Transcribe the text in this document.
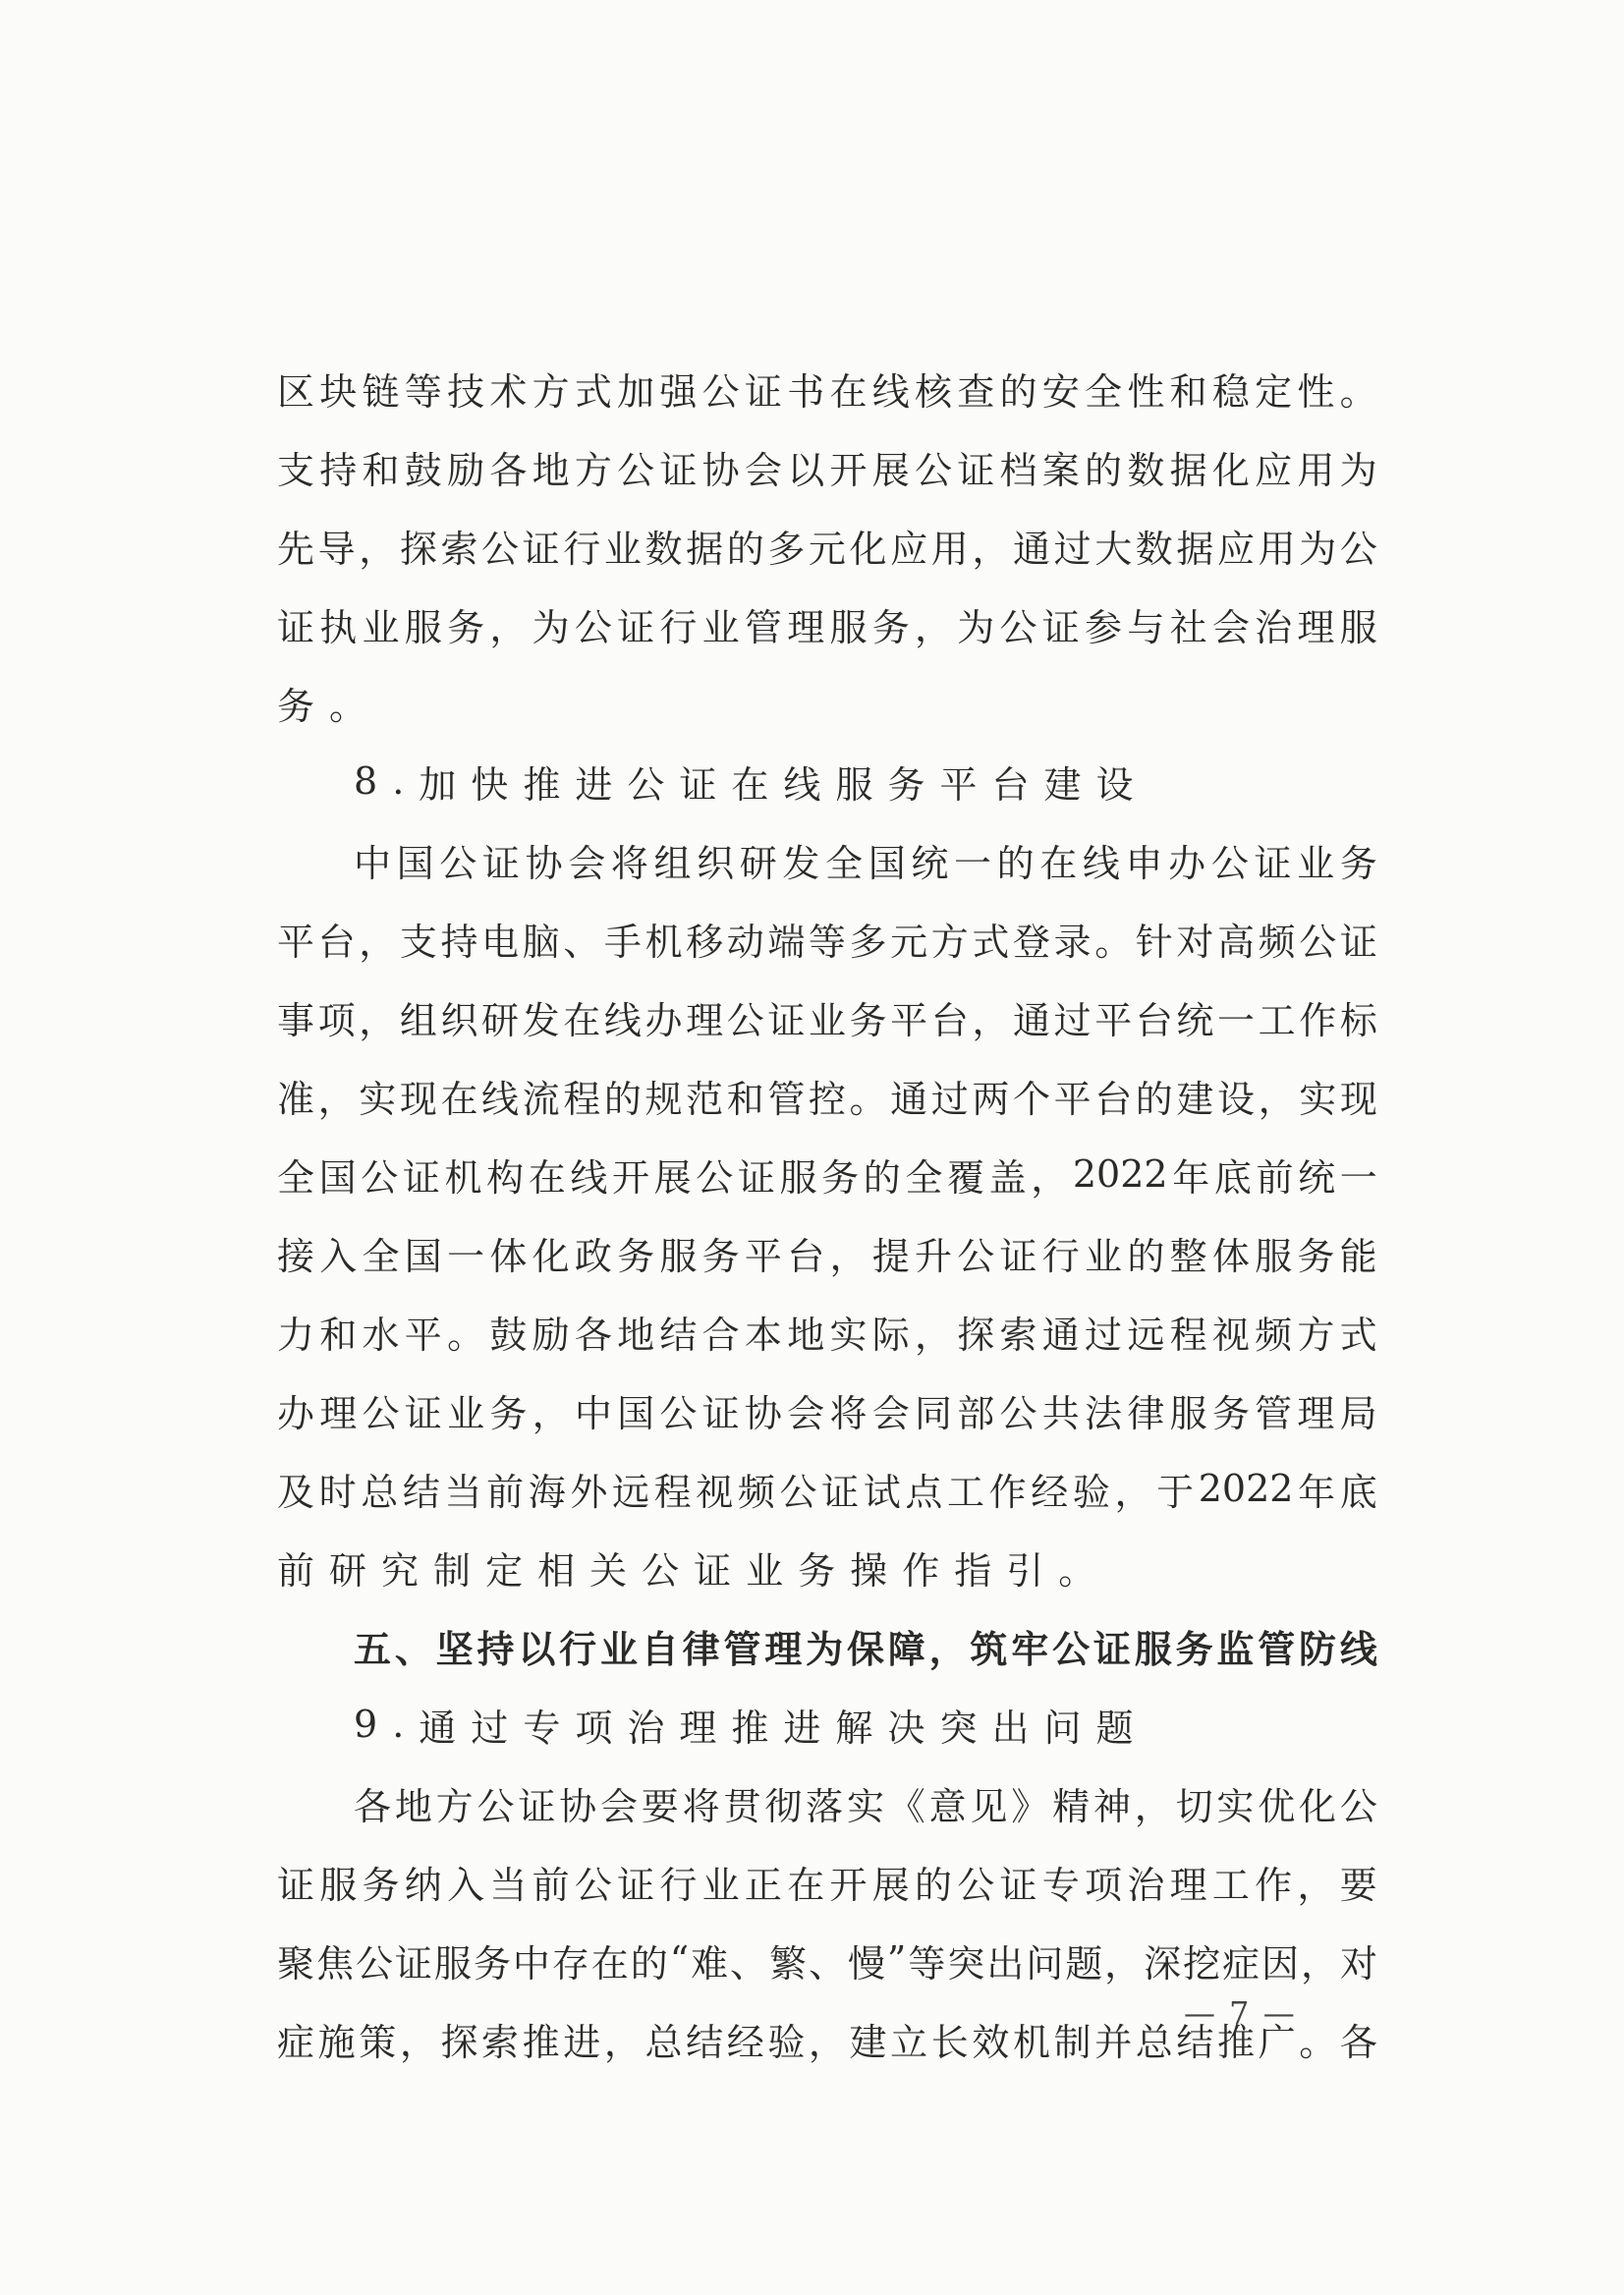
区 块 链 等 技 术 方 式 加 强 公 证 书 在 线 核 查 的 安 全 性 和 稳 定 性 。
支 持 和 鼓 励 各 地 方 公 证 协 会 以 开 展 公 证 档 案 的 数 据 化 应 用 为
先 导 ， 探 索 公 证 行 业 数 据 的 多 元 化 应 用 ， 通 过 大 数 据 应 用 为 公
证 执 业 服 务 ， 为 公 证 行 业 管 理 服 务 ， 为 公 证 参 与 社 会 治 理 服
务 。
8 . 加 快 推 进 公 证 在 线 服 务 平 台 建 设
中 国 公 证 协 会 将 组 织 研 发 全 国 统 一 的 在 线 申 办 公 证 业 务
平 台 ， 支 持 电 脑 、 手 机 移 动 端 等 多 元 方 式 登 录 。 针 对 高 频 公 证
事 项 ， 组 织 研 发 在 线 办 理 公 证 业 务 平 台 ， 通 过 平 台 统 一 工 作 标
准 ， 实 现 在 线 流 程 的 规 范 和 管 控 。 通 过 两 个 平 台 的 建 设 ， 实 现
全 国 公 证 机 构 在 线 开 展 公 证 服 务 的 全 覆 盖 ， 2022 年 底 前 统 一
接 入 全 国 一 体 化 政 务 服 务 平 台 ， 提 升 公 证 行 业 的 整 体 服 务 能
力 和 水 平 。 鼓 励 各 地 结 合 本 地 实 际 ， 探 索 通 过 远 程 视 频 方 式
办 理 公 证 业 务 ， 中 国 公 证 协 会 将 会 同 部 公 共 法 律 服 务 管 理 局
及 时 总 结 当 前 海 外 远 程 视 频 公 证 试 点 工 作 经 验 ， 于 2022 年 底
前 研 究 制 定 相 关 公 证 业 务 操 作 指 引 。
五 、 坚 持 以 行 业 自 律 管 理 为 保 障 ， 筑 牢 公 证 服 务 监 管 防 线
9 . 通 过 专 项 治 理 推 进 解 决 突 出 问 题
各 地 方 公 证 协 会 要 将 贯 彻 落 实 《 意 见 》 精 神 ， 切 实 优 化 公
证 服 务 纳 入 当 前 公 证 行 业 正 在 开 展 的 公 证 专 项 治 理 工 作 ， 要
聚 焦 公 证 服 务 中 存 在 的 “ 难 、 繁 、 慢 ” 等 突 出 问 题 ， 深 挖 症 因 ， 对
症 施 策 ， 探 索 推 进 ， 总 结 经 验 ， 建 立 长 效 机 制 并 总 结 推 广 。 各
— 7 —
